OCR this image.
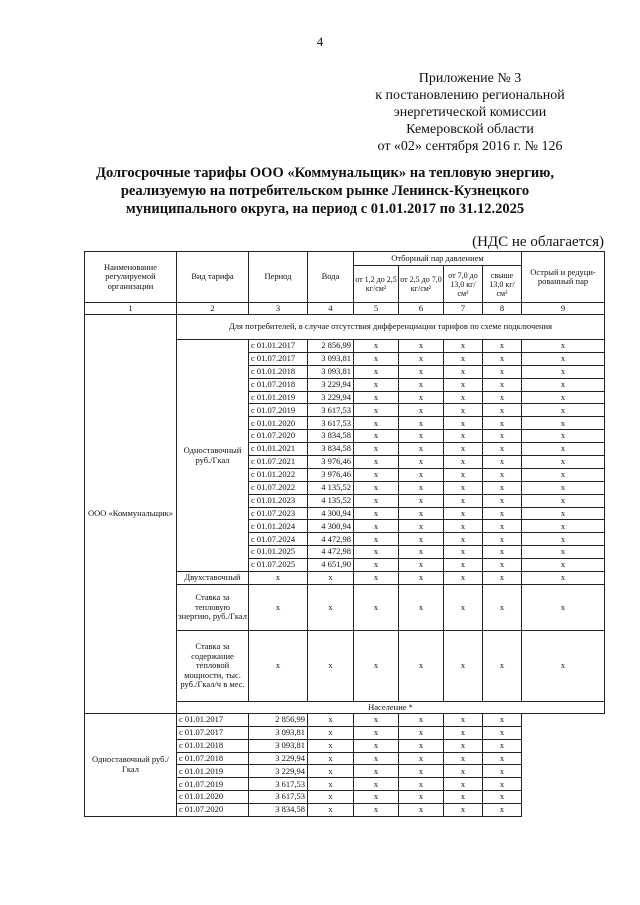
4
Приложение № 3
к постановлению региональной
энергетической комиссии
Кемеровской области
от «02» сентября 2016 г. № 126
Долгосрочные тарифы ООО «Коммунальщик» на тепловую энергию,
реализуемую на потребительском рынке Ленинск-Кузнецкого
муниципального округа, на период с 01.01.2017 по 31.12.2025
(НДС не облагается)
Наименование регулируемой организации	Вид тарифа	Период	Вода	Отборный пар давлением				Острый и редуци-рованный пар
				от 1,2 до 2,5 кг/см²	от 2,5 до 7,0 кг/см²	от 7,0 до 13,0 кг/см²	свыше 13,0 кг/см²	
1	2	3	4	5	6	7	8	9
ООО «Коммунальщик»	Для потребителей, в случае отсутствия дифференциации тарифов по схеме подключения							
	Одноставочный руб./Гкал	с 01.01.2017	2 856,99	x	x	x	x	x
		с 01.07.2017	3 093,81	x	x	x	x	x
		с 01.01.2018	3 093,81	x	x	x	x	x
		с 01.07.2018	3 229,94	x	x	x	x	x
		с 01.01.2019	3 229,94	x	x	x	x	x
		с 01.07.2019	3 617,53	x	x	x	x	x
		с 01.01.2020	3 617,53	x	x	x	x	x
		с 01.07.2020	3 834,58	x	x	x	x	x
		с 01.01.2021	3 834,58	x	x	x	x	x
		с 01.07.2021	3 976,46	x	x	x	x	x
		с 01.01.2022	3 976,46	x	x	x	x	x
		с 01.07.2022	4 135,52	x	x	x	x	x
		с 01.01.2023	4 135,52	x	x	x	x	x
		с 01.07.2023	4 300,94	x	x	x	x	x
		с 01.01.2024	4 300,94	x	x	x	x	x
		с 01.07.2024	4 472,98	x	x	x	x	x
		с 01.01.2025	4 472,98	x	x	x	x	x
		с 01.07.2025	4 651,90	x	x	x	x	x
	Двухставочный	x	x	x	x	x	x	x
	Ставка за тепловую энергию, руб./Гкал	x	x	x	x	x	x	x
	Ставка за содержание тепловой мощности, тыс. руб./Гкал/ч в мес.	x	x	x	x	x	x	x
	Население *							
Одноставочный руб./Гкал	с 01.01.2017	2 856,99	x	x	x	x	x	
	с 01.07.2017	3 093,81	x	x	x	x	x	
	с 01.01.2018	3 093,81	x	x	x	x	x	
	с 01.07.2018	3 229,94	x	x	x	x	x	
	с 01.01.2019	3 229,94	x	x	x	x	x	
	с 01.07.2019	3 617,53	x	x	x	x	x	
	с 01.01.2020	3 617,53	x	x	x	x	x	
	с 01.07.2020	3 834,58	x	x	x	x	x	
